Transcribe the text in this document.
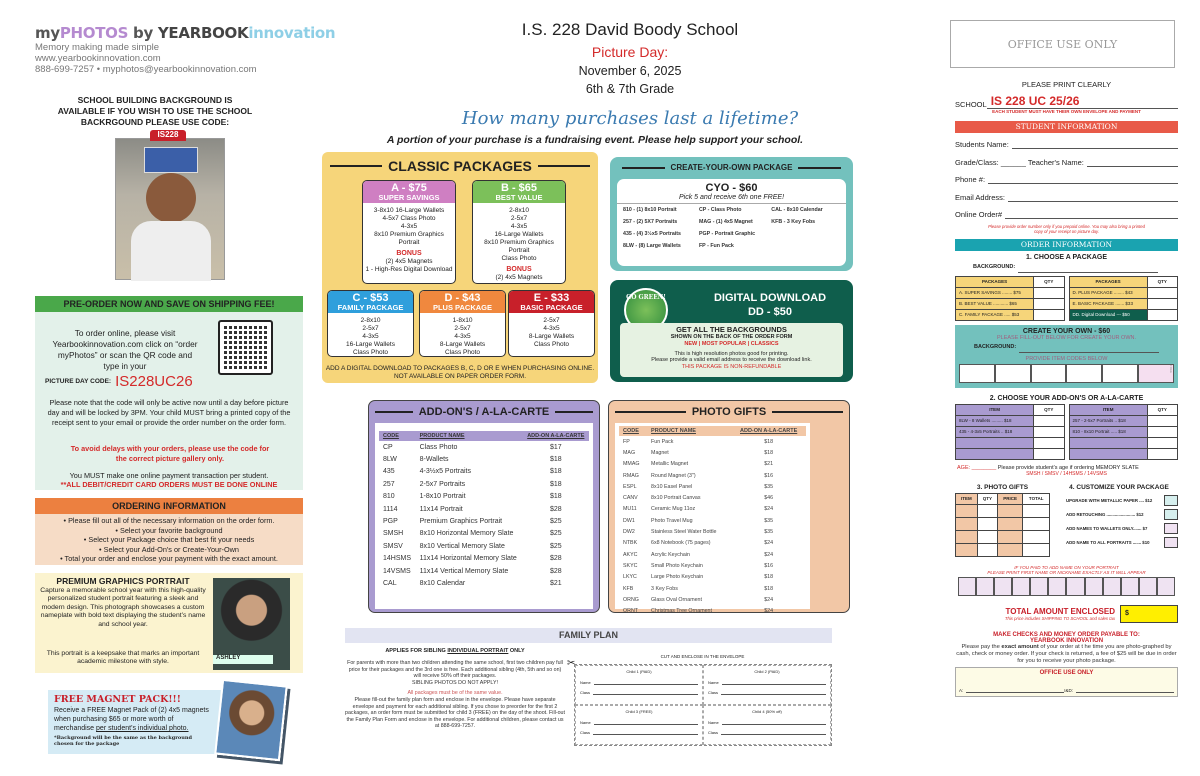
myPHOTOS by YEARBOOKinnovation
Memory making made simple
www.yearbookinnovation.com
888-699-7257 • myphotos@yearbookinnovation.com
SCHOOL BUILDING BACKGROUND IS AVAILABLE IF YOU WISH TO USE THE SCHOOL BACKRGOUND PLEASE USE CODE:
IS228
PRE-ORDER NOW AND SAVE ON SHIPPING FEE!
To order online, please visit Yearbookinnovation.com click on “order myPhotos” or scan the QR code and type in your
PICTURE DAY CODE: IS228UC26
Please note that the code will only be active now until a day before picture day and will be locked by 3PM. Your child MUST bring a printed copy of the receipt sent to your email or provide the order number on the order form.
To avoid delays with your orders, please use the code for the correct picture gallery only.
You MUST make one online payment transaction per student.
**ALL DEBIT/CREDIT CARD ORDERS MUST BE DONE ONLINE
ORDERING INFORMATION
• Please fill out all of the necessary information on the order form.
• Select your favorite background
• Select your Package choice that best fit your needs
• Select your Add-On's or Create-Your-Own
• Total your order and enclose your payment with the exact amount.
PREMIUM GRAPHICS PORTRAIT
Capture a memorable school year with this high-quality personalized student portrait featuring a sleek and modern design. This photograph showcases a custom nameplate with bold text displaying the student’s name and school year.
This portrait is a keepsake that marks an important academic milestone with style.
ASHLEY
FREE MAGNET PACK!!!
Receive a FREE Magnet Pack of (2) 4x5 magnets when purchasing $65 or more worth of merchandise per student’s individual photo.
*Background will be the same as the background chosen for the package
I.S. 228 David Boody School
Picture Day:
November 6, 2025
6th & 7th Grade
How many purchases last a lifetime?
A portion of your purchase is a fundraising event. Please help support your school.
CLASSIC PACKAGES
A - $75
SUPER SAVINGS
3-8x10 16-Large Wallets
4-5x7 Class Photo
4-3x5
8x10 Premium Graphics Portrait
BONUS
(2) 4x5 Magnets
1 - High-Res Digital Download
B - $65
BEST VALUE
2-8x10
2-5x7
4-3x5
16-Large Wallets
8x10 Premium Graphics Portrait
Class Photo
BONUS
(2) 4x5 Magnets
C - $53
FAMILY PACKAGE
2-8x10
2-5x7
4-3x5
16-Large Wallets
Class Photo
D - $43
PLUS PACKAGE
1-8x10
2-5x7
4-3x5
8-Large Wallets
Class Photo
E - $33
BASIC PACKAGE
2-5x7
4-3x5
8-Large Wallets
Class Photo
ADD A DIGITAL DOWNLOAD TO PACKAGES B, C, D OR E WHEN PURCHASING ONLINE. NOT AVAILABLE ON PAPER ORDER FORM.
CREATE-YOUR-OWN PACKAGE
CYO - $60
Pick 5 and receive 6th one FREE!
810 - (1) 8x10 Portrait	CP - Class Photo	CAL - 8x10 Calendar
257 - (2) 5X7 Portraits	MAG - (1) 4x5 Magnet	KFB - 3 Key Fobs
435 - (4) 3½x5 Portraits	PGP - Portrait Graphic
8LW - (8) Large Wallets	FP - Fun Pack
GO GREEN!	DIGITAL DOWNLOAD
DD - $50
GET ALL THE BACKGROUNDS
SHOWN ON THE BACK OF THE ORDER FORM
NEW | MOST POPULAR | CLASSICS
This is high resolution photos good for printing.
Please provide a valid email address to receive the download link.
THIS PACKAGE IS NON-REFUNDABLE
ADD-ON'S / A-LA-CARTE
CODE	PRODUCT NAME	ADD-ON A-LA-CARTE
CP	Class Photo	$17
8LW	8-Wallets	$18
435	4-3½x5 Portraits	$18
257	2-5x7 Portraits	$18
810	1-8x10 Portrait	$18
1114	11x14 Portrait	$28
PGP	Premium Graphics Portrait	$25
SMSH	8x10 Horizontal Memory Slate	$25
SMSV	8x10 Vertical Memory Slate	$25
14HSMS	11x14 Horizontal Memory Slate	$28
14VSMS	11x14 Vertical Memory Slate	$28
CAL	8x10 Calendar	$21
PHOTO GIFTS
CODE	PRODUCT NAME	ADD-ON A-LA-CARTE
FP	Fun Pack	$18
MAG	Magnet	$18
MMAG	Metallic Magnet	$21
RMAG	Round Magnet (3")	$16
ESPL	8x10 Easel Panel	$35
CANV	8x10 Portrait Canvas	$46
MU11	Ceramic Mug 11oz	$24
DW1	Photo Travel Mug	$35
DW2	Stainless Steel Water Bottle	$35
NTBK	6x8 Notebook (75 pages)	$24
AKYC	Acrylic Keychain	$24
SKYC	Small Photo Keychain	$16
LKYC	Large Photo Keychain	$18
KFB	3 Key Fobs	$18
ORNG	Glass Oval Ornament	$24
ORNT	Christmas Tree Ornament	$24
FAMILY PLAN
APPLIES FOR SIBLING INDIVIDUAL PORTRAIT ONLY
For parents with more than two children attending the same school, first two children pay full price for their packages and the 3rd one is free. Each additional sibling (4th, 5th and so on) will receive 50% off their packages.
SIBLING PHOTOS DO NOT APPLY!
All packages must be of the same value.
Please fill-out the family plan form and enclose in the envelope. Please have separate envelope and payment for each additional sibling. If you chose to preorder for the first 2 packages, an order form must be submitted for child 3 (FREE) on the day of the shoot. Fill-out the Family Plan Form and enclose in the envelope. For additional children, please contact us at 888-699-7257.
CUT AND ENCLOSE IN THE ENVELOPE
✂
Child 1 (PAID)
Name
Class
Child 2 (PAID)
Name
Class
Child 3 (FREE)
Name
Class
Child 4 (50% off)
Name
Class
OFFICE USE ONLY
PLEASE PRINT CLEARLY
SCHOOL IS 228 UC 25/26
EACH STUDENT MUST HAVE THEIR OWN ENVELOPE AND PAYMENT
STUDENT INFORMATION
Students Name:
Grade/Class: ______ Teacher's Name:
Phone #:
Email Address:
Online Order#
Please provide order number only if you prepaid online. You may also bring a printed copy of your receipt on picture day.
ORDER INFORMATION
1. CHOOSE A PACKAGE
BACKGROUND:
PACKAGES	QTY
A. SUPER SAVINGS ........ $75	
B. BEST VALUE ............ $65	
C. FAMILY PACKAGE ..... $53	
PACKAGES	QTY
D. PLUS PACKAGE ........ $43	
E. BASIC PACKAGE ....... $33	
DD. Digital Download --- $50	
CREATE YOUR OWN - $60
PLEASE FILL-OUT BELOW FOR CREATE YOUR OWN.
BACKGROUND:
PROVIDE ITEM CODES BELOW
FREE
2. CHOOSE YOUR ADD-ON'S OR A-LA-CARTE
ITEM	QTY
8LW - 8 Wallets ......... $18	
435 - 4-3x5 Portraits .. $18	

ITEM	QTY
257 - 2-5x7 Portraits .. $18	
810 - 8x10 Portrait ..... $18	

AGE: ________ Please provide student's age if ordering MEMORY SLATE
SMSH / SMSV / 14HSMS / 14VSMS
3. PHOTO GIFTS
ITEM	QTY	PRICE	TOTAL

4. CUSTOMIZE YOUR PACKAGE
UPGRADE WITH METALLIC PAPER .... $12
ADD RETOUCHING ........................ $12
ADD NAMES TO WALLETS ONLY....... $7
ADD NAME TO ALL PORTRAITS ....... $10
IF YOU PAID TO ADD NAME ON YOUR PORTRAIT
PLEASE PRINT FIRST NAME OR NICKNAME EXACTLY AS IT WILL APPEAR
TOTAL AMOUNT ENCLOSED
This price includes SHIPPING TO SCHOOL and sales tax
$
MAKE CHECKS AND MONEY ORDER PAYABLE TO:
YEARBOOK INNOVATION
Please pay the exact amount of your order at t he time you are photo-graphed by cash, check or money order. If your check is returned, a fee of $25 will be due in order for you to receive your photo package.
OFFICE USE ONLY
A:	I&D:
